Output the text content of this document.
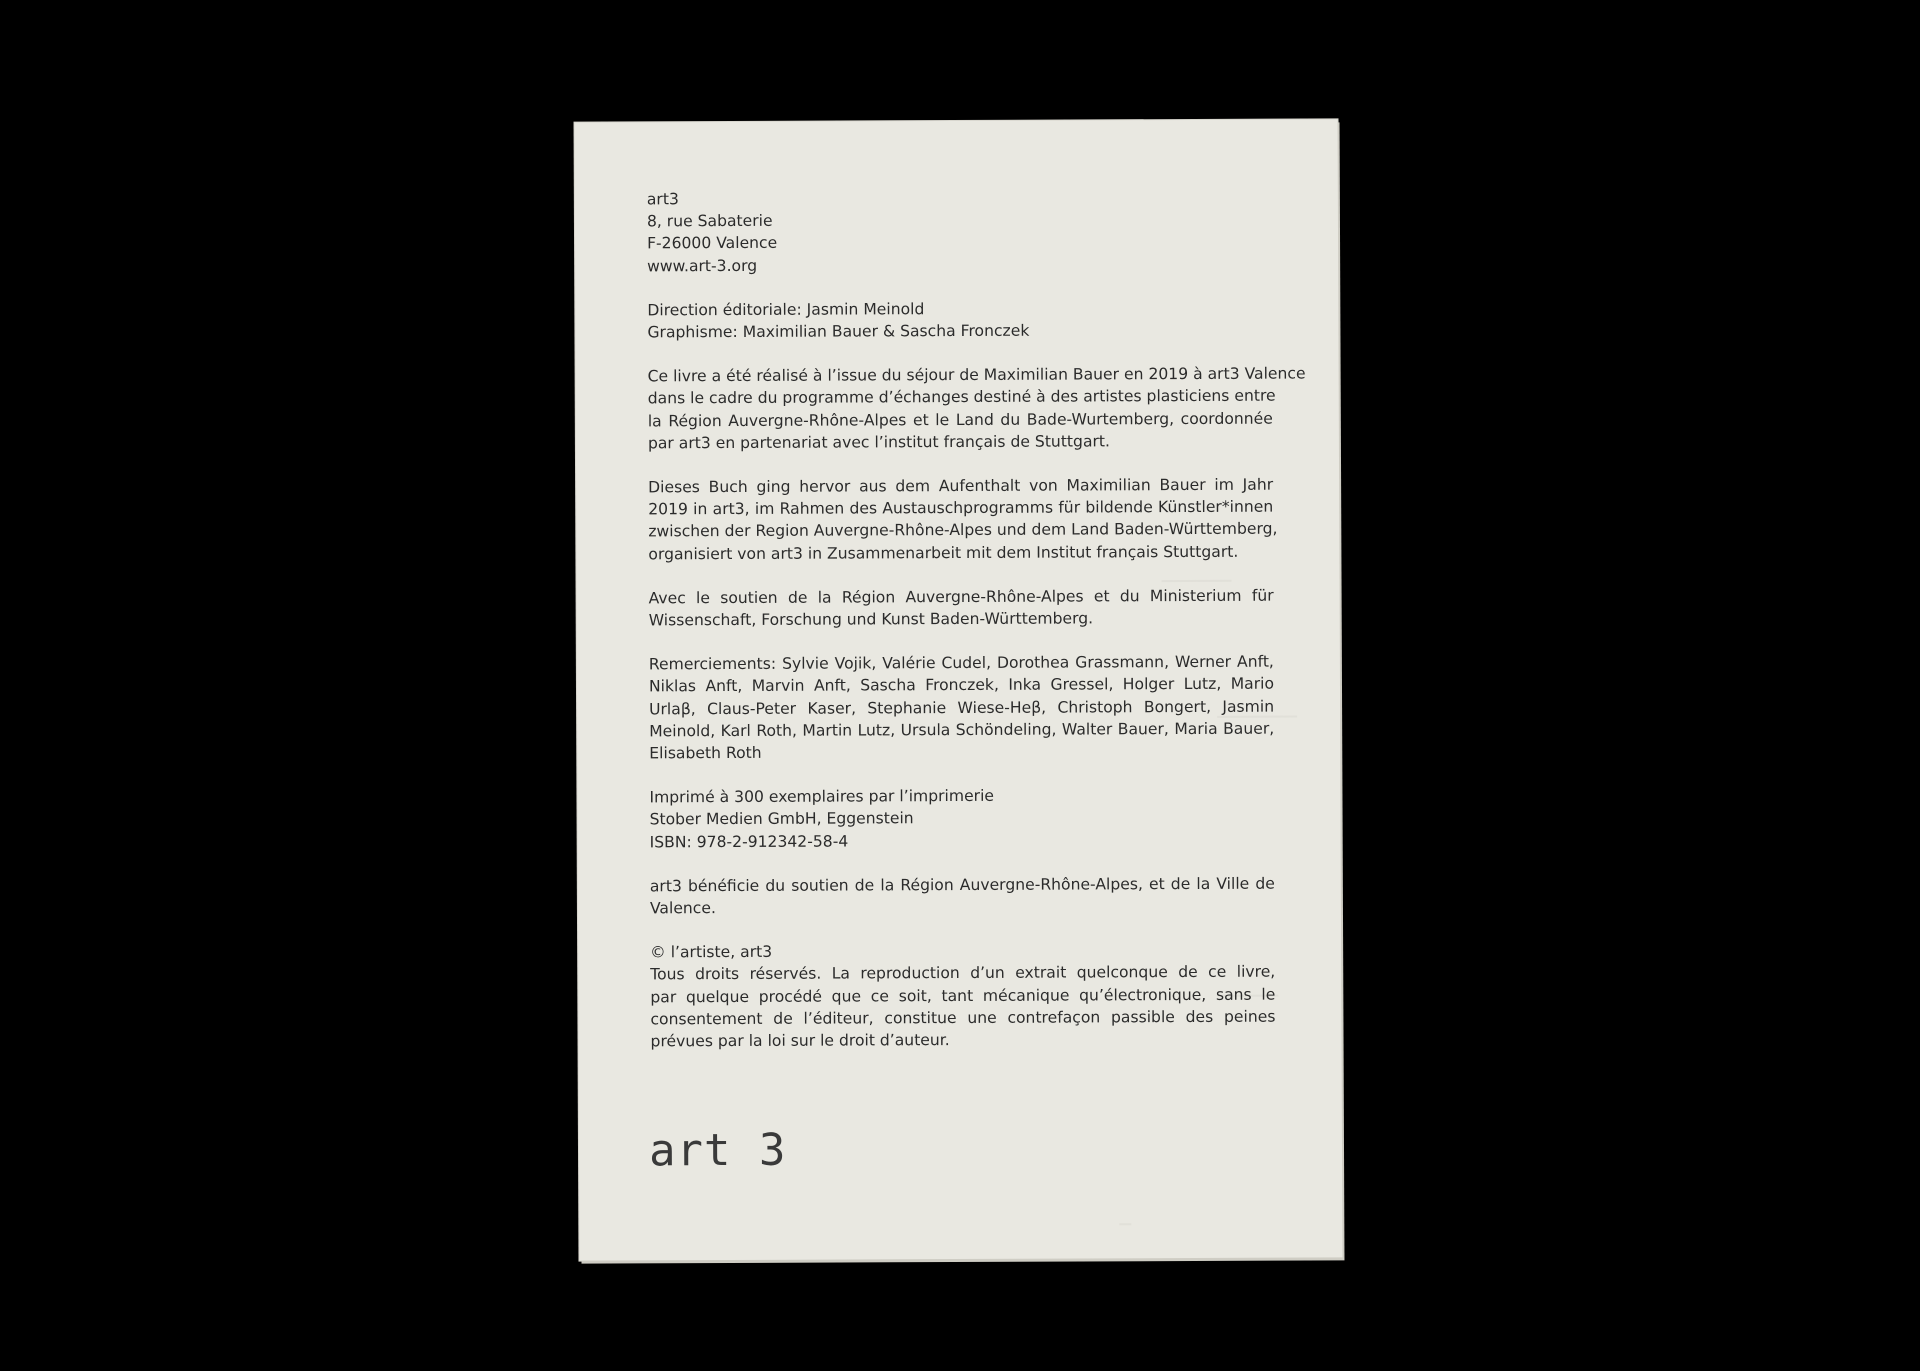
art3
8, rue Sabaterie
F-26000 Valence
www.art-3.org
Direction éditoriale: Jasmin Meinold
Graphisme: Maximilian Bauer & Sascha Fronczek
Ce livre a été réalisé à l’issue du séjour de Maximilian Bauer en 2019 à art3 Valence
dans le cadre du programme d’échanges destiné à des artistes plasticiens entre
la Région Auvergne-Rhône-Alpes et le Land du Bade-Wurtemberg, coordonnée
par art3 en partenariat avec l’institut français de Stuttgart.
Dieses Buch ging hervor aus dem Aufenthalt von Maximilian Bauer im Jahr
2019 in art3, im Rahmen des Austauschprogramms für bildende Künstler*innen
zwischen der Region Auvergne-Rhône-Alpes und dem Land Baden-Württemberg,
organisiert von art3 in Zusammenarbeit mit dem Institut français Stuttgart.
Avec le soutien de la Région Auvergne-Rhône-Alpes et du Ministerium für
Wissenschaft, Forschung und Kunst Baden-Württemberg.
Remerciements: Sylvie Vojik, Valérie Cudel, Dorothea Grassmann, Werner Anft,
Niklas Anft, Marvin Anft, Sascha Fronczek, Inka Gressel, Holger Lutz, Mario
Urlaβ, Claus-Peter Kaser, Stephanie Wiese-Heβ, Christoph Bongert, Jasmin
Meinold, Karl Roth, Martin Lutz, Ursula Schöndeling, Walter Bauer, Maria Bauer,
Elisabeth Roth
Imprimé à 300 exemplaires par l’imprimerie
Stober Medien GmbH, Eggenstein
ISBN: 978-2-912342-58-4
art3 bénéficie du soutien de la Région Auvergne-Rhône-Alpes, et de la Ville de
Valence.
© l’artiste, art3
Tous droits réservés. La reproduction d’un extrait quelconque de ce livre,
par quelque procédé que ce soit, tant mécanique qu’électronique, sans le
consentement de l’éditeur, constitue une contrefaçon passible des peines
prévues par la loi sur le droit d’auteur.
art 3
